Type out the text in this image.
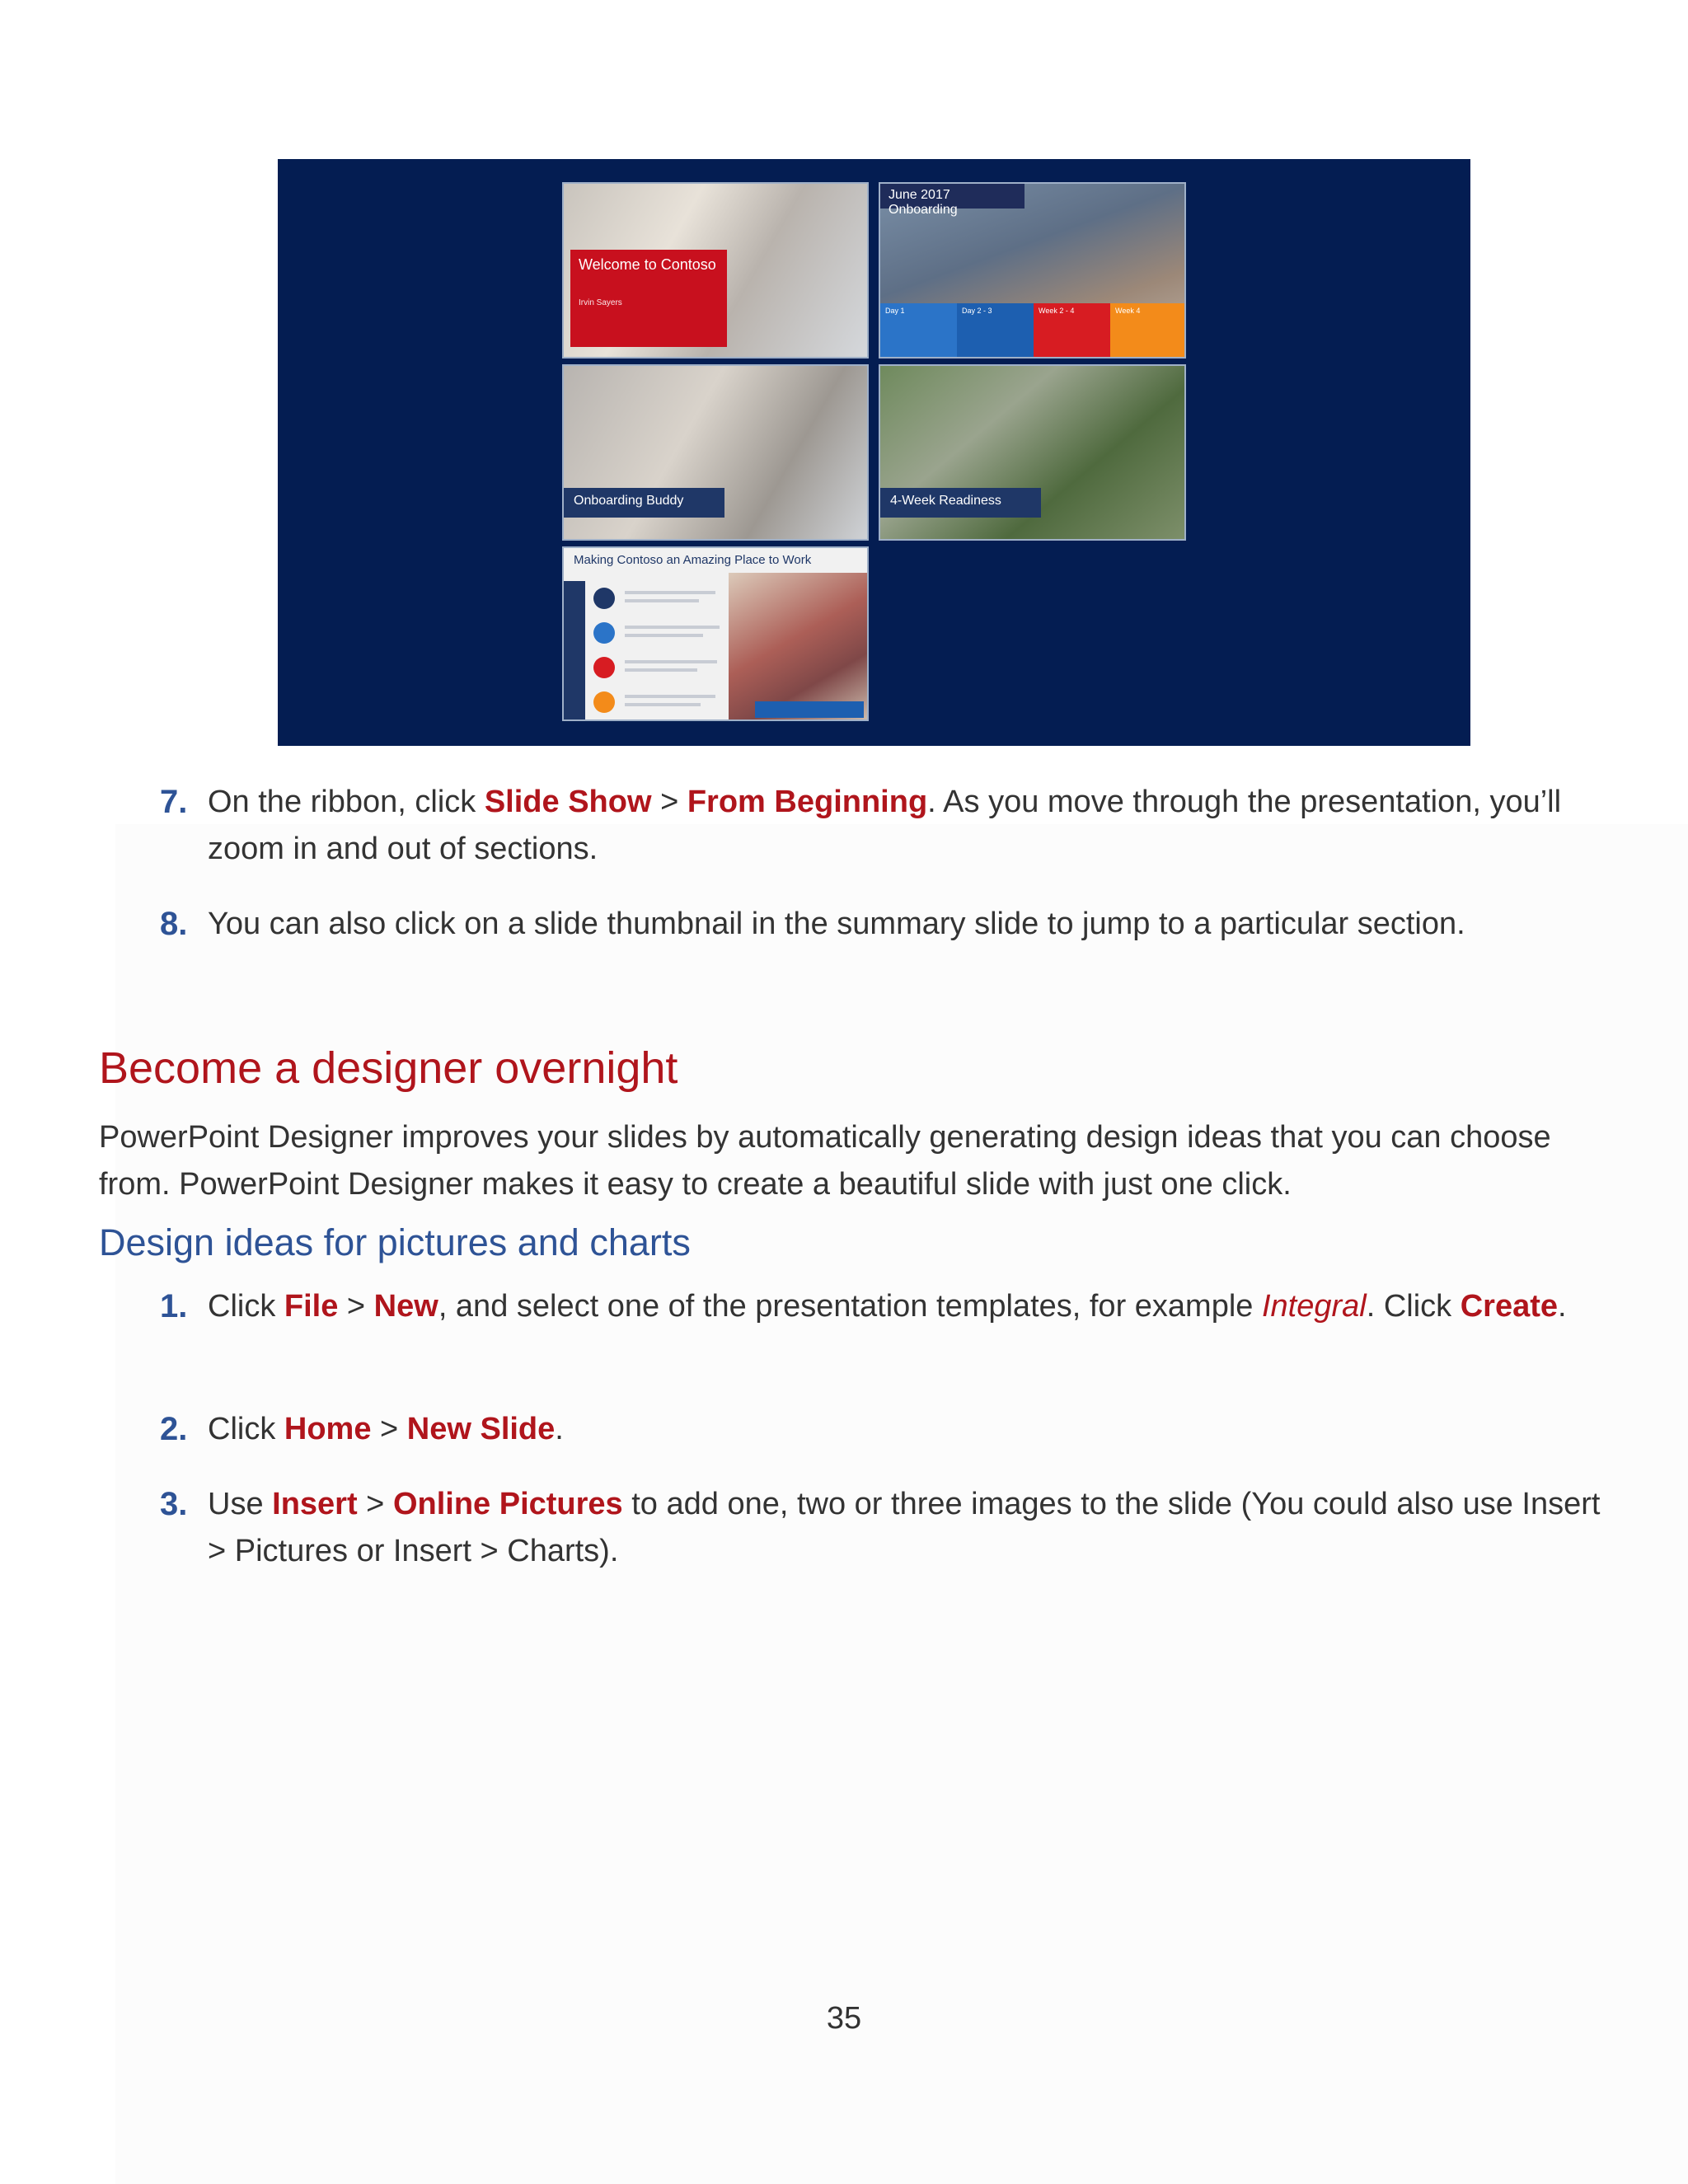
Welcome to Contoso
Irvin Sayers
June 2017 Onboarding
Day 1	Day 2 - 3	Week 2 - 4	Week 4
Onboarding Buddy	4-Week Readiness
Making Contoso an Amazing Place to Work
7. On the ribbon, click Slide Show > From Beginning. As you move through the presentation, you’ll zoom in and out of sections.
8. You can also click on a slide thumbnail in the summary slide to jump to a particular section.
Become a designer overnight

PowerPoint Designer improves your slides by automatically generating design ideas that you can choose from. PowerPoint Designer makes it easy to create a beautiful slide with just one click.

Design ideas for pictures and charts
1. Click File > New, and select one of the presentation templates, for example Integral. Click Create.
2. Click Home > New Slide.
3. Use Insert > Online Pictures to add one, two or three images to the slide (You could also use Insert > Pictures or Insert > Charts).
35
